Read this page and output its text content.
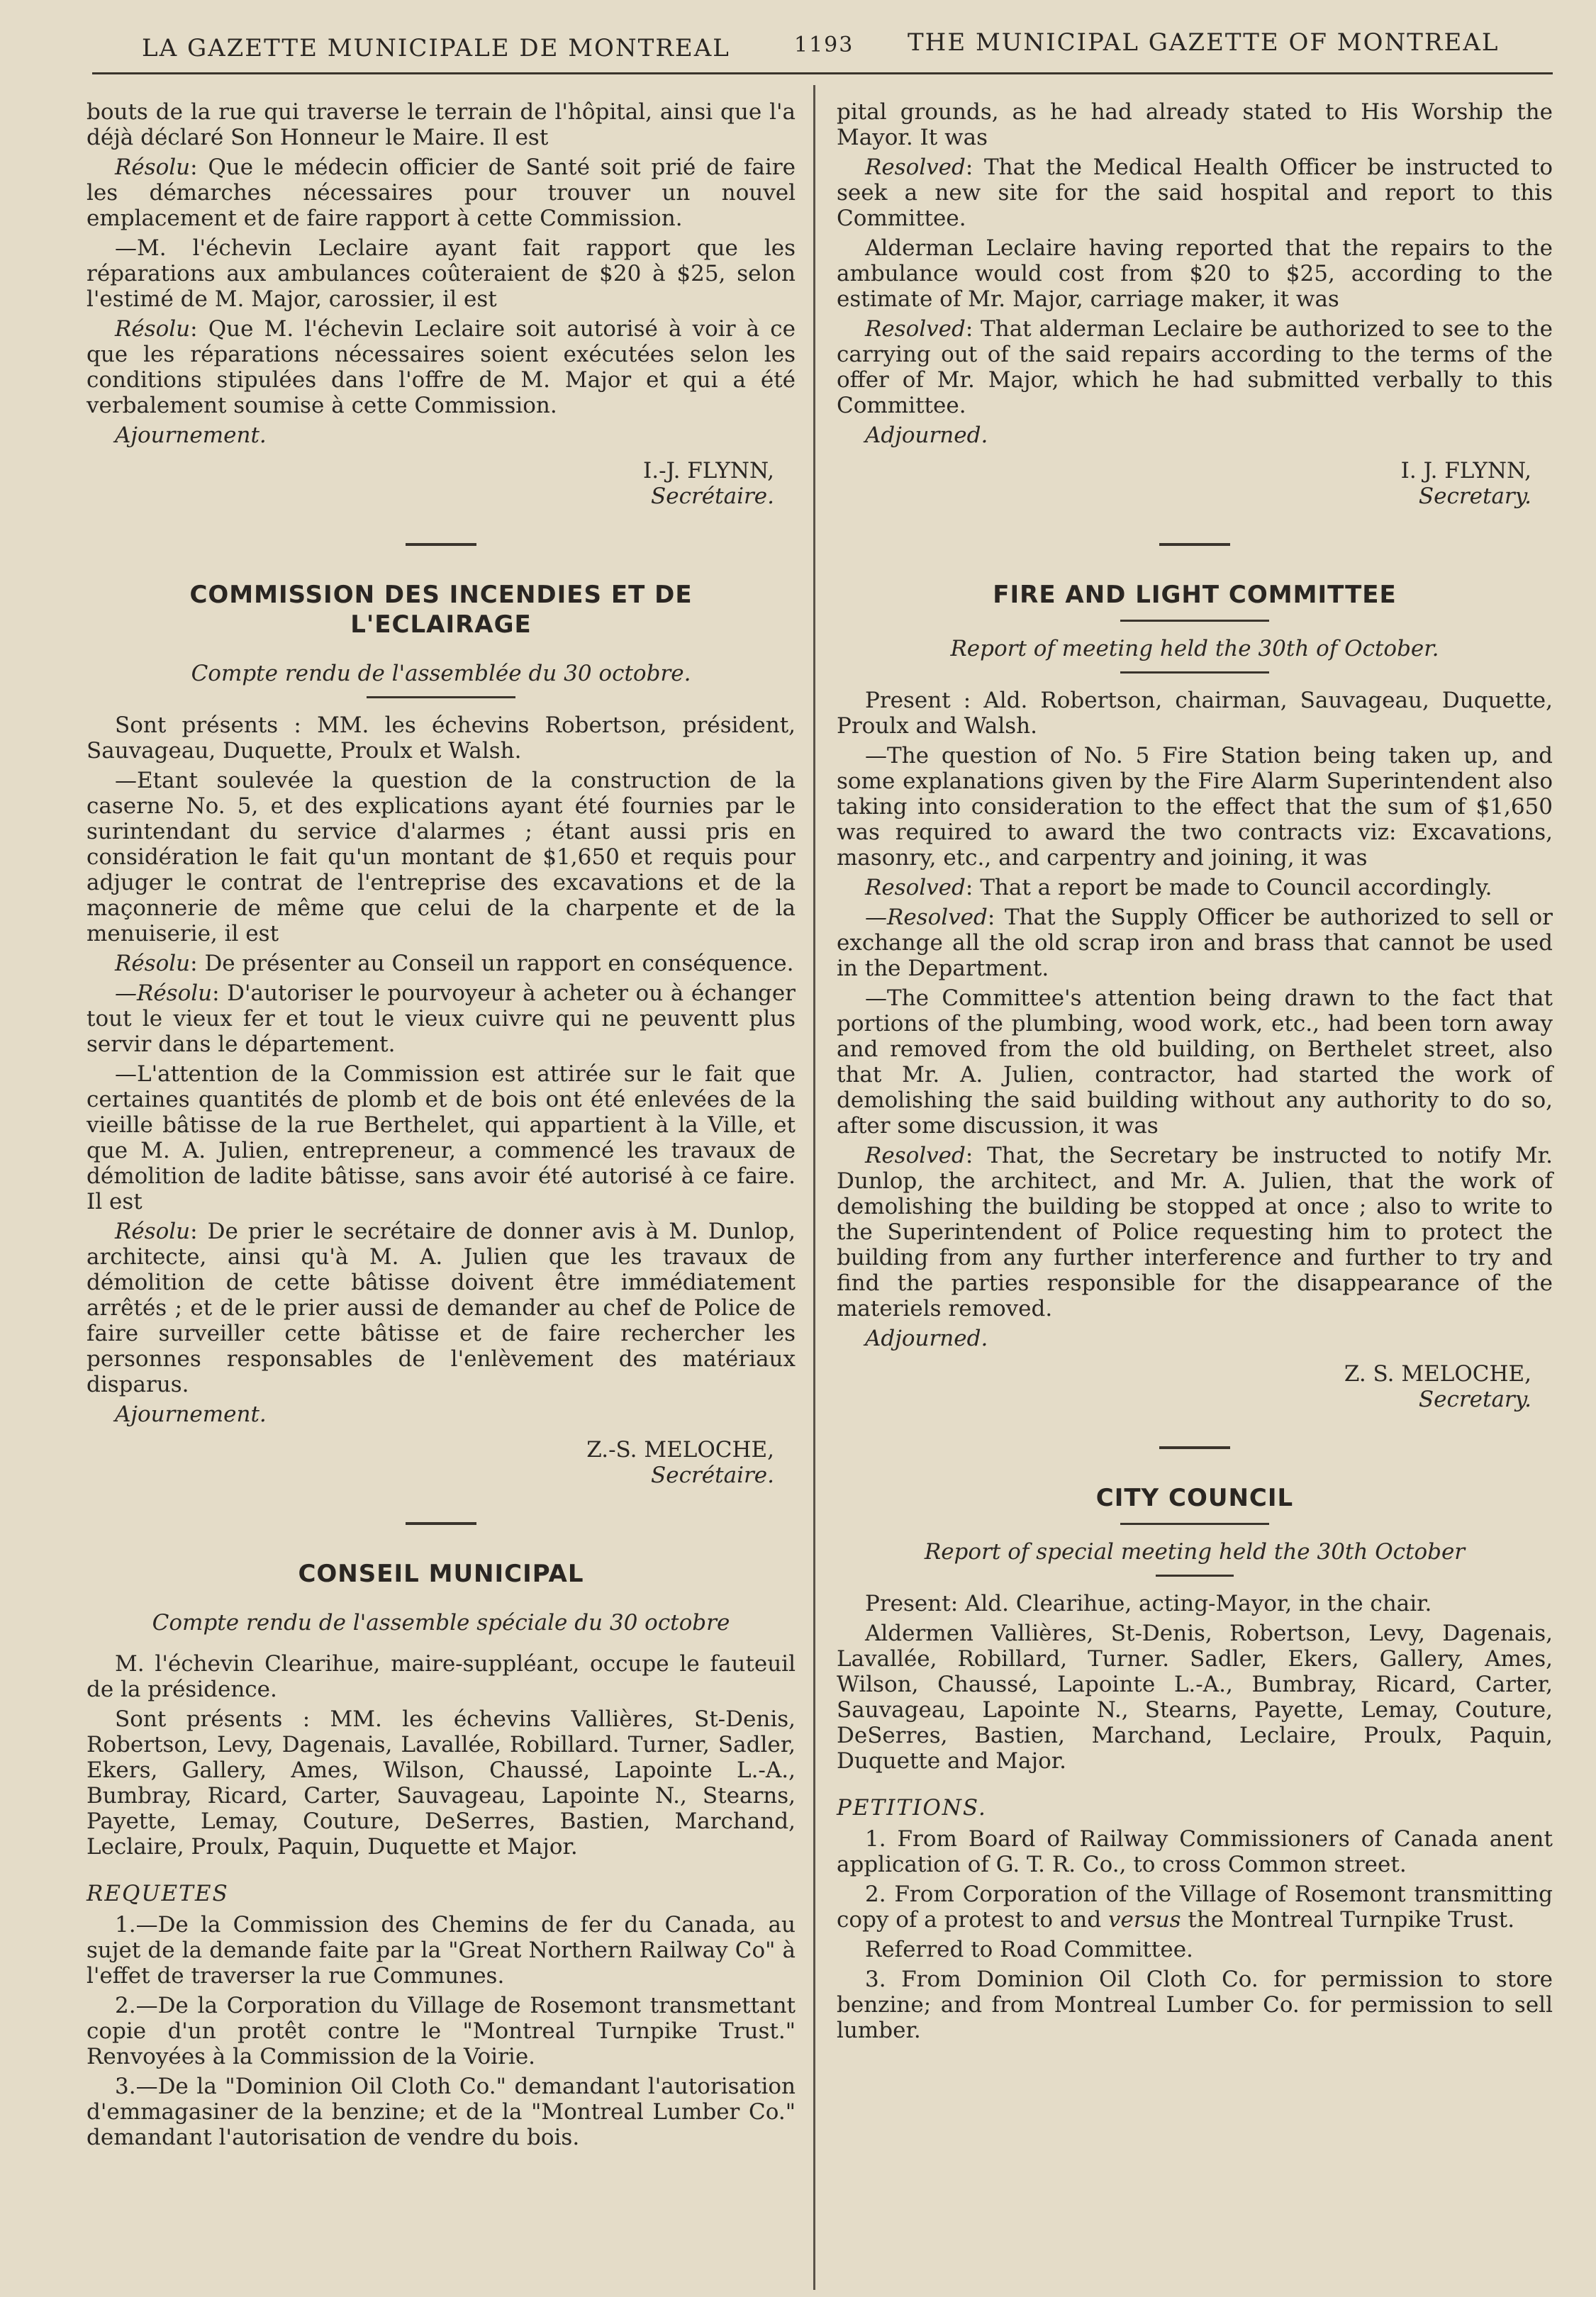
LA GAZETTE MUNICIPALE DE MONTREAL	1193 THE MUNICIPAL GAZETTE OF MONTREAL

bouts de la rue qui traverse le terrain de l'hôpital, ainsi que l'a déjà déclaré Son Honneur le Maire. Il est

Résolu: Que le médecin officier de Santé soit prié de faire les démarches nécessaires pour trouver un nouvel emplacement et de faire rapport à cette Commission.

—M. l'échevin Leclaire ayant fait rapport que les réparations aux ambulances coûteraient de $20 à $25, selon l'estimé de M. Major, carossier, il est

Résolu: Que M. l'échevin Leclaire soit autorisé à voir à ce que les réparations nécessaires soient exécutées selon les conditions stipulées dans l'offre de M. Major et qui a été verbalement soumise à cette Commission.

Ajournement.
I.-J. FLYNN,
Secrétaire.
COMMISSION DES INCENDIES ET DE
L'ECLAIRAGE
Compte rendu de l'assemblée du 30 octobre.

Sont présents : MM. les échevins Robertson, président, Sauvageau, Duquette, Proulx et Walsh.

—Etant soulevée la question de la construction de la caserne No. 5, et des explications ayant été fournies par le surintendant du service d'alarmes ; étant aussi pris en considération le fait qu'un montant de $1,650 et requis pour adjuger le contrat de l'entreprise des excavations et de la maçonnerie de même que celui de la charpente et de la menuiserie, il est

Résolu: De présenter au Conseil un rapport en conséquence.

—Résolu: D'autoriser le pourvoyeur à acheter ou à échanger tout le vieux fer et tout le vieux cuivre qui ne peuventt plus servir dans le département.

—L'attention de la Commission est attirée sur le fait que certaines quantités de plomb et de bois ont été enlevées de la vieille bâtisse de la rue Berthelet, qui appartient à la Ville, et que M. A. Julien, entrepreneur, a commencé les travaux de démolition de ladite bâtisse, sans avoir été autorisé à ce faire. Il est

Résolu: De prier le secrétaire de donner avis à M. Dunlop, architecte, ainsi qu'à M. A. Julien que les travaux de démolition de cette bâtisse doivent être immédiatement arrêtés ; et de le prier aussi de demander au chef de Police de faire surveiller cette bâtisse et de faire rechercher les personnes responsables de l'enlèvement des matériaux disparus.

Ajournement.
Z.-S. MELOCHE,
Secrétaire.
CONSEIL MUNICIPAL
Compte rendu de l'assemble spéciale du 30 octobre

M. l'échevin Clearihue, maire-suppléant, occupe le fauteuil de la présidence.

Sont présents : MM. les échevins Vallières, St-Denis, Robertson, Levy, Dagenais, Lavallée, Robillard. Turner, Sadler, Ekers, Gallery, Ames, Wilson, Chaussé, Lapointe L.-A., Bumbray, Ricard, Carter, Sauvageau, Lapointe N., Stearns, Payette, Lemay, Couture, DeSerres, Bastien, Marchand, Leclaire, Proulx, Paquin, Duquette et Major.

REQUETES

1.—De la Commission des Chemins de fer du Canada, au sujet de la demande faite par la "Great Northern Railway Co" à l'effet de traverser la rue Communes.

2.—De la Corporation du Village de Rosemont transmettant copie d'un protêt contre le "Montreal Turnpike Trust." Renvoyées à la Commission de la Voirie.

3.—De la "Dominion Oil Cloth Co." demandant l'autorisation d'emmagasiner de la benzine; et de la "Montreal Lumber Co." demandant l'autorisation de vendre du bois.

pital grounds, as he had already stated to His Worship the Mayor. It was

Resolved: That the Medical Health Officer be instructed to seek a new site for the said hospital and report to this Committee.

Alderman Leclaire having reported that the repairs to the ambulance would cost from $20 to $25, according to the estimate of Mr. Major, carriage maker, it was

Resolved: That alderman Leclaire be authorized to see to the carrying out of the said repairs according to the terms of the offer of Mr. Major, which he had submitted verbally to this Committee.

Adjourned.
I. J. FLYNN,
Secretary.
FIRE AND LIGHT COMMITTEE
Report of meeting held the 30th of October.

Present : Ald. Robertson, chairman, Sauvageau, Duquette, Proulx and Walsh.

—The question of No. 5 Fire Station being taken up, and some explanations given by the Fire Alarm Superintendent also taking into consideration to the effect that the sum of $1,650 was required to award the two contracts viz: Excavations, masonry, etc., and carpentry and joining, it was

Resolved: That a report be made to Council accordingly.

—Resolved: That the Supply Officer be authorized to sell or exchange all the old scrap iron and brass that cannot be used in the Department.

—The Committee's attention being drawn to the fact that portions of the plumbing, wood work, etc., had been torn away and removed from the old building, on Berthelet street, also that Mr. A. Julien, contractor, had started the work of demolishing the said building without any authority to do so, after some discussion, it was

Resolved: That, the Secretary be instructed to notify Mr. Dunlop, the architect, and Mr. A. Julien, that the work of demolishing the building be stopped at once ; also to write to the Superintendent of Police requesting him to protect the building from any further interference and further to try and find the parties responsible for the disappearance of the materiels removed.

Adjourned.
Z. S. MELOCHE,
Secretary.
CITY COUNCIL
Report of special meeting held the 30th October

Present: Ald. Clearihue, acting-Mayor, in the chair.

Aldermen Vallières, St-Denis, Robertson, Levy, Dagenais, Lavallée, Robillard, Turner. Sadler, Ekers, Gallery, Ames, Wilson, Chaussé, Lapointe L.-A., Bumbray, Ricard, Carter, Sauvageau, Lapointe N., Stearns, Payette, Lemay, Couture, DeSerres, Bastien, Marchand, Leclaire, Proulx, Paquin, Duquette and Major.

PETITIONS.

1. From Board of Railway Commissioners of Canada anent application of G. T. R. Co., to cross Common street.

2. From Corporation of the Village of Rosemont transmitting copy of a protest to and versus the Montreal Turnpike Trust.

Referred to Road Committee.

3. From Dominion Oil Cloth Co. for permission to store benzine; and from Montreal Lumber Co. for permission to sell lumber.
